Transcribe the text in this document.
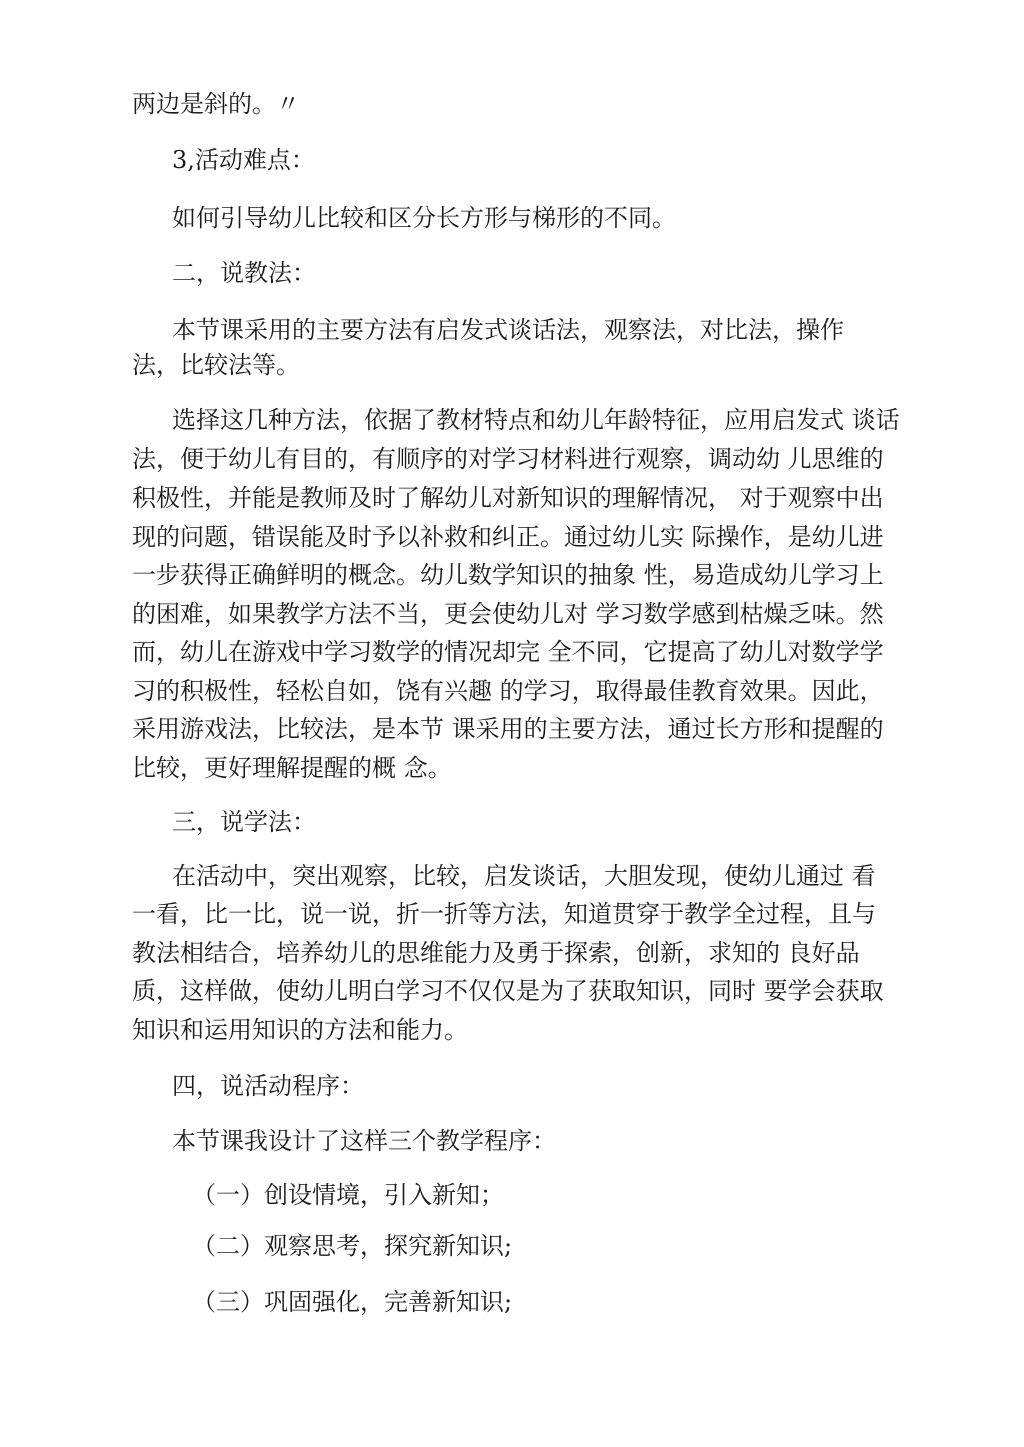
两边是斜的。〃
3,活动难点：
如何引导幼儿比较和区分长方形与梯形的不同。
二，说教法：
本节课采用的主要方法有启发式谈话法，观察法，对比法，操作
法，比较法等。
选择这几种方法，依据了教材特点和幼儿年龄特征，应用启发式 谈话
法，便于幼儿有目的，有顺序的对学习材料进行观察，调动幼 儿思维的
积极性，并能是教师及时了解幼儿对新知识的理解情况， 对于观察中出
现的问题，错误能及时予以补救和纠正。通过幼儿实 际操作，是幼儿进
一步获得正确鲜明的概念。幼儿数学知识的抽象 性，易造成幼儿学习上
的困难，如果教学方法不当，更会使幼儿对 学习数学感到枯燥乏味。然
而，幼儿在游戏中学习数学的情况却完 全不同，它提高了幼儿对数学学
习的积极性，轻松自如，饶有兴趣 的学习，取得最佳教育效果。因此，
采用游戏法，比较法，是本节 课采用的主要方法，通过长方形和提醒的
比较，更好理解提醒的概 念。
三，说学法：
在活动中，突出观察，比较，启发谈话，大胆发现，使幼儿通过 看
一看，比一比，说一说，折一折等方法，知道贯穿于教学全过程，且与
教法相结合，培养幼儿的思维能力及勇于探索，创新，求知的 良好品
质，这样做，使幼儿明白学习不仅仅是为了获取知识，同时 要学会获取
知识和运用知识的方法和能力。
四，说活动程序：
本节课我设计了这样三个教学程序：
（一）创设情境，引入新知；
（二）观察思考，探究新知识;
（三）巩固强化，完善新知识;
